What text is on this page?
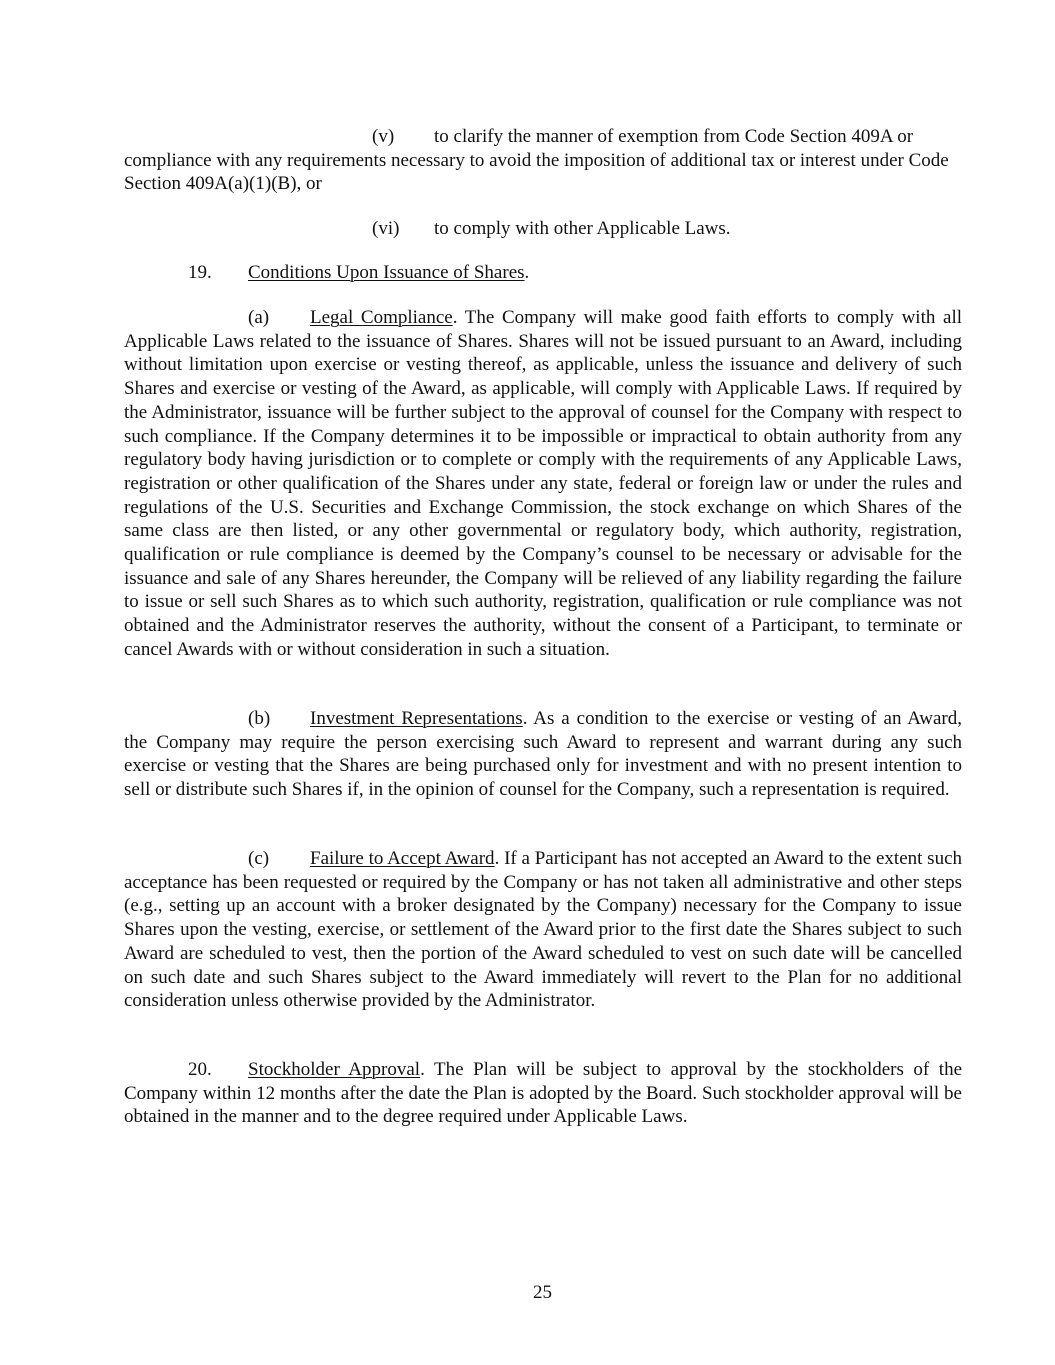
(v) to clarify the manner of exemption from Code Section 409A or compliance with any requirements necessary to avoid the imposition of additional tax or interest under Code Section 409A(a)(1)(B), or

(vi) to comply with other Applicable Laws.

19. Conditions Upon Issuance of Shares.

(a) Legal Compliance. The Company will make good faith efforts to comply with all Applicable Laws related to the issuance of Shares. Shares will not be issued pursuant to an Award, including without limitation upon exercise or vesting thereof, as applicable, unless the issuance and delivery of such Shares and exercise or vesting of the Award, as applicable, will comply with Applicable Laws. If required by the Administrator, issuance will be further subject to the approval of counsel for the Company with respect to such compliance. If the Company determines it to be impossible or impractical to obtain authority from any regulatory body having jurisdiction or to complete or comply with the requirements of any Applicable Laws, registration or other qualification of the Shares under any state, federal or foreign law or under the rules and regulations of the U.S. Securities and Exchange Commission, the stock exchange on which Shares of the same class are then listed, or any other governmental or regulatory body, which authority, registration, qualification or rule compliance is deemed by the Company’s counsel to be necessary or advisable for the issuance and sale of any Shares hereunder, the Company will be relieved of any liability regarding the failure to issue or sell such Shares as to which such authority, registration, qualification or rule compliance was not obtained and the Administrator reserves the authority, without the consent of a Participant, to terminate or cancel Awards with or without consideration in such a situation.

(b) Investment Representations. As a condition to the exercise or vesting of an Award, the Company may require the person exercising such Award to represent and warrant during any such exercise or vesting that the Shares are being purchased only for investment and with no present intention to sell or distribute such Shares if, in the opinion of counsel for the Company, such a representation is required.

(c) Failure to Accept Award. If a Participant has not accepted an Award to the extent such acceptance has been requested or required by the Company or has not taken all administrative and other steps (e.g., setting up an account with a broker designated by the Company) necessary for the Company to issue Shares upon the vesting, exercise, or settlement of the Award prior to the first date the Shares subject to such Award are scheduled to vest, then the portion of the Award scheduled to vest on such date will be cancelled on such date and such Shares subject to the Award immediately will revert to the Plan for no additional consideration unless otherwise provided by the Administrator.

20. Stockholder Approval. The Plan will be subject to approval by the stockholders of the Company within 12 months after the date the Plan is adopted by the Board. Such stockholder approval will be obtained in the manner and to the degree required under Applicable Laws.

25
